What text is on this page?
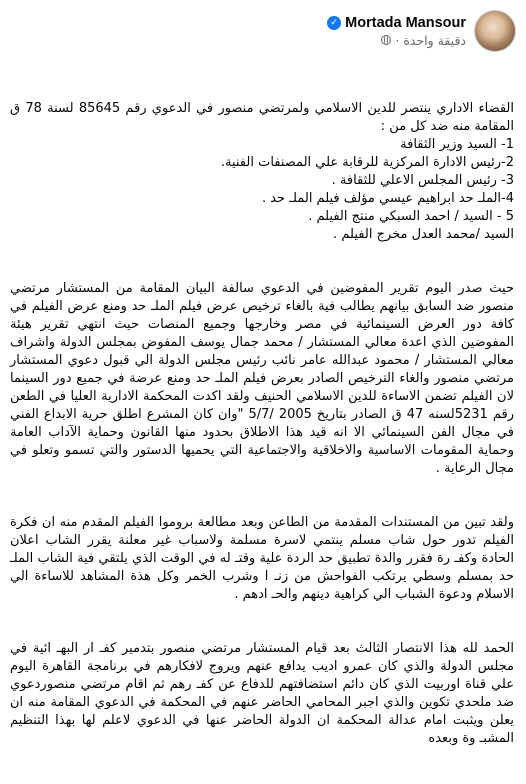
Mortada Mansour
✓
دقيقة واحدة
·

القضاء الاداري ينتصر للدين الاسلامي ولمرتضي منصور في الدعوي رقم 85645 لسنة 78 ق المقامة منه ضد كل من :
1- السيد وزير الثقافة
2-رئيس الادارة المركزية للرقابة علي المصنفات الفنية.
3- رئيس المجلس الاعلي للثقافة .
4-الملـ حد ابراهيم عيسي مؤلف فيلم الملـ حد .
5 - السيد / احمد السبكي منتج الفيلم .
السيد /محمد العدل مخرج الفيلم .

حيث صدر اليوم تقرير المفوضين في الدعوي سالفة البيان المقامة من المستشار مرتضي منصور ضد السابق بيانهم يطالب فية بالغاء ترخيص عرض فيلم الملـ حد ومنع عرض الفيلم في كافة دور العرض السينمائية في مصر وخارجها وجميع المنصات حيث انتهي تقرير هيئة المفوضين الذي اعدة معالي المستشار / محمد جمال يوسف المفوض بمجلس الدولة واشراف معالي المستشار / محمود عبدالله عامر نائب رئيس مجلس الدولة الي قبول دعوي المستشار مرتضي منصور والغاء الترخيص الصادر بعرض فيلم الملـ حد ومنع عرضة في جميع دور السينما لان الفيلم تضمن الاساءة للدين الاسلامي الحنيف ولقد اكدت المحكمة الادارية العليا في الطعن رقم 5231لسنه 47 ق الصادر بتاريخ 2005 /5/7 "وان كان المشرع اطلق حرية الابداع الفني في مجال الفن السينمائي الا انه قيد هذا الاطلاق بحدود منها القانون وحماية الآداب العامة وحماية المقومات الاساسية والاخلاقية والاجتماعية التي يحميها الدستور والتي تسمو وتعلو في مجال الرعاية .

ولقد تبين من المستندات المقدمة من الطاعن وبعد مطالعة بروموا الفيلم المقدم منه ان فكرة الفيلم تدور حول شاب مسلم ينتمي لاسرة مسلمة ولاسباب غير معلنة يقرر الشاب اعلان الحادة وكفـ رة فقرر والدة تطبيق حد الردة علية وقتـ له في الوقت الذي يلتقي فية الشاب الملـ حد بمسلم وسطي يرتكب الفواحش من زنـ ا وشرب الخمر وكل هذة المشاهد للاساءة الي الاسلام ودعوة الشباب الي كراهية دينهم والحـ ادهم .

الحمد لله هذا الانتصار الثالث بعد قيام المستشار مرتضي منصور بتدمير كفـ ار البهـ ائية في مجلس الدولة والذي كان عمرو اديب يدافع عنهم ويروج لافكارهم في برنامجة القاهرة اليوم علي قناة اوربيت الذي كان دائم استضافتهم للدفاع عن كفـ رهم ثم اقام مرتضي منصوردعوي ضد ملحدي تكوين والذي اجبر المحامي الحاضر عنهم في المحكمة في الدعوي المقامة منه ان يعلن ويثبت امام عدالة المحكمة ان الدولة الحاضر عنها في الدعوي لاعلم لها بهذا التنظيم المشبـ وة وبعده
